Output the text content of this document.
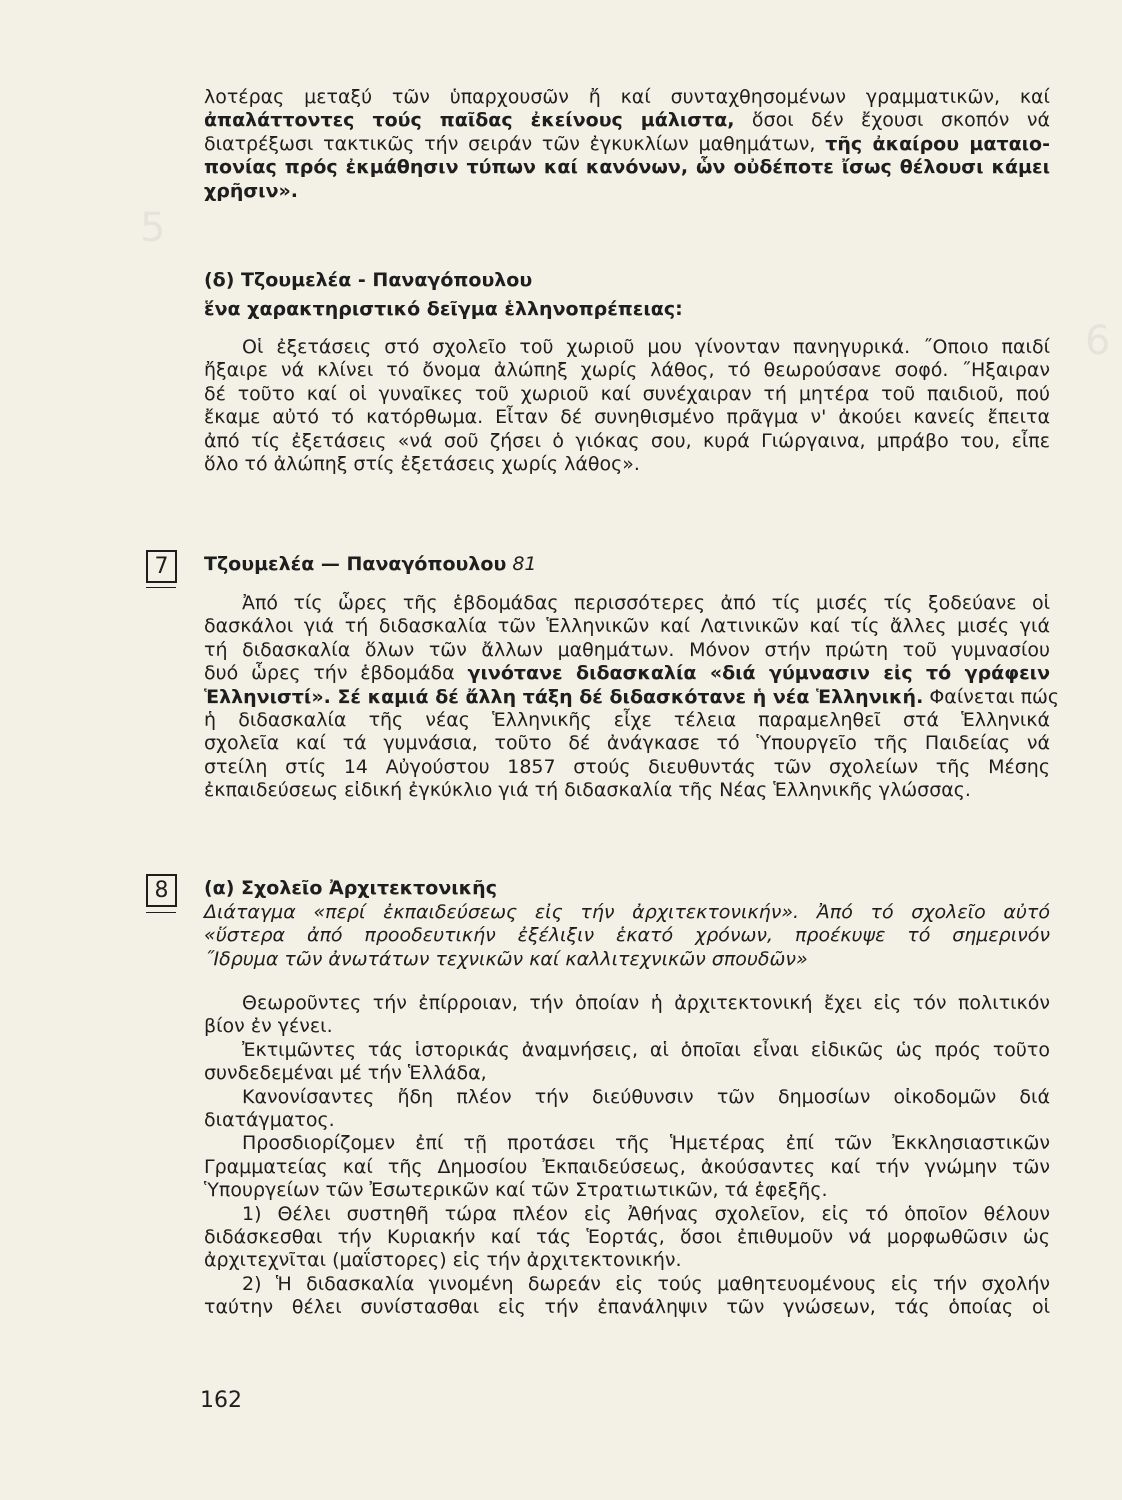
5
6
λοτέρας μεταξύ τῶν ὑπαρχουσῶν ἤ καί συνταχθησομένων γραμματικῶν, καί
ἀπαλάττοντες τούς παῖδας ἐκείνους μάλιστα, ὅσοι δέν ἔχουσι σκοπόν νά
διατρέξωσι τακτικῶς τήν σειράν τῶν ἐγκυκλίων μαθημάτων, τῆς ἀκαίρου ματαιο-
πονίας πρός ἐκμάθησιν τύπων καί κανόνων, ὧν οὐδέποτε ἴσως θέλουσι κάμει
χρῆσιν».
(δ) Τζουμελέα - Παναγόπουλου
ἕνα χαρακτηριστικό δεῖγμα ἑλληνοπρέπειας:
Οἱ ἐξετάσεις στό σχολεῖο τοῦ χωριοῦ μου γίνονταν πανηγυρικά. ˝Οποιο παιδί
ἤξαιρε νά κλίνει τό ὄνομα ἀλώπηξ χωρίς λάθος, τό θεωρούσανε σοφό. ˝Ηξαιραν
δέ τοῦτο καί οἱ γυναῖκες τοῦ χωριοῦ καί συνέχαιραν τή μητέρα τοῦ παιδιοῦ, πού
ἔκαμε αὐτό τό κατόρθωμα. Εἶταν δέ συνηθισμένο πρᾶγμα ν' ἀκούει κανείς ἔπειτα
ἀπό τίς ἐξετάσεις «νά σοῦ ζήσει ὁ γιόκας σου, κυρά Γιώργαινα, μπράβο του, εἶπε
ὅλο τό ἀλώπηξ στίς ἐξετάσεις χωρίς λάθος».
7	Τζουμελέα — Παναγόπουλου 81
Ἀπό τίς ὧρες τῆς ἑβδομάδας περισσότερες ἀπό τίς μισές τίς ξοδεύανε οἱ
δασκάλοι γιά τή διδασκαλία τῶν Ἑλληνικῶν καί Λατινικῶν καί τίς ἄλλες μισές γιά
τή διδασκαλία ὅλων τῶν ἄλλων μαθημάτων. Μόνον στήν πρώτη τοῦ γυμνασίου
δυό ὧρες τήν ἑβδομάδα γινότανε διδασκαλία «διά γύμνασιν εἰς τό γράφειν
Ἑλληνιστί». Σέ καμιά δέ ἄλλη τάξη δέ διδασκότανε ἡ νέα Ἑλληνική. Φαίνεται πώς
ἡ διδασκαλία τῆς νέας Ἑλληνικῆς εἶχε τέλεια παραμεληθεῖ στά Ἑλληνικά
σχολεῖα καί τά γυμνάσια, τοῦτο δέ ἀνάγκασε τό Ὑπουργεῖο τῆς Παιδείας νά
στείλη στίς 14 Αὐγούστου 1857 στούς διευθυντάς τῶν σχολείων τῆς Μέσης
ἐκπαιδεύσεως εἰδική ἐγκύκλιο γιά τή διδασκαλία τῆς Νέας Ἑλληνικῆς γλώσσας.
8	(α) Σχολεῖο Ἀρχιτεκτονικῆς
Διάταγμα «περί ἐκπαιδεύσεως εἰς τήν ἀρχιτεκτονικήν». Ἀπό τό σχολεῖο αὐτό
«ὕστερα ἀπό προοδευτικήν ἐξέλιξιν ἑκατό χρόνων, προέκυψε τό σημερινόν
˝Ιδρυμα τῶν ἀνωτάτων τεχνικῶν καί καλλιτεχνικῶν σπουδῶν»
Θεωροῦντες τήν ἐπίρροιαν, τήν ὁποίαν ἡ ἀρχιτεκτονική ἔχει εἰς τόν πολιτικόν
βίον ἐν γένει.
Ἐκτιμῶντες τάς ἱστορικάς ἀναμνήσεις, αἱ ὁποῖαι εἶναι εἰδικῶς ὡς πρός τοῦτο
συνδεδεμέναι μέ τήν Ἑλλάδα,
Κανονίσαντες ἤδη πλέον τήν διεύθυνσιν τῶν δημοσίων οἰκοδομῶν διά
διατάγματος.
Προσδιορίζομεν ἐπί τῇ προτάσει τῆς Ἡμετέρας ἐπί τῶν Ἐκκλησιαστικῶν
Γραμματείας καί τῆς Δημοσίου Ἐκπαιδεύσεως, ἀκούσαντες καί τήν γνώμην τῶν
Ὑπουργείων τῶν Ἐσωτερικῶν καί τῶν Στρατιωτικῶν, τά ἑφεξῆς.
1) Θέλει συστηθῆ τώρα πλέον εἰς Ἀθήνας σχολεῖον, εἰς τό ὁποῖον θέλουν
διδάσκεσθαι τήν Κυριακήν καί τάς Ἑορτάς, ὅσοι ἐπιθυμοῦν νά μορφωθῶσιν ὡς
ἀρχιτεχνῖται (μαΐστορες) εἰς τήν ἀρχιτεκτονικήν.
2) Ἡ διδασκαλία γινομένη δωρεάν εἰς τούς μαθητευομένους εἰς τήν σχολήν
ταύτην θέλει συνίστασθαι εἰς τήν ἐπανάληψιν τῶν γνώσεων, τάς ὁποίας οἱ
162
